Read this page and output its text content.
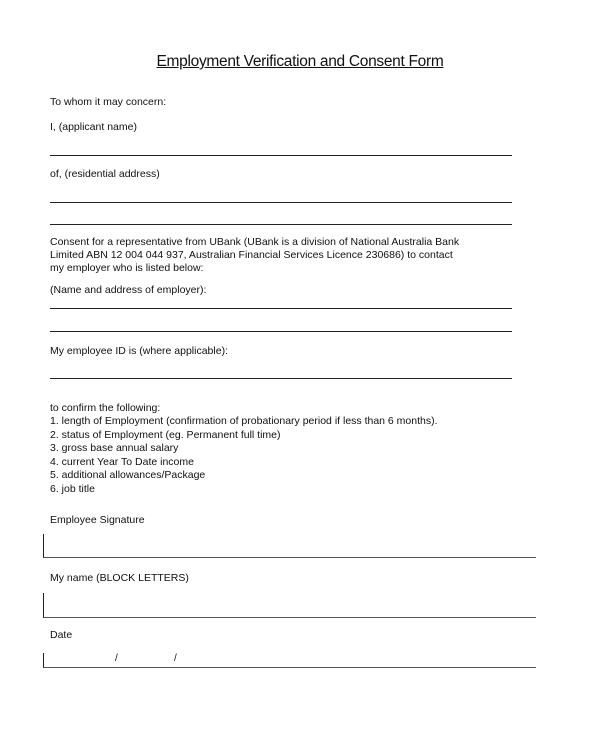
Employment Verification and Consent Form
To whom it may concern:
I, (applicant name)
of, (residential address)
Consent for a representative from UBank (UBank is a division of National Australia Bank
Limited ABN 12 004 044 937, Australian Financial Services Licence 230686) to contact
my employer who is listed below:
(Name and address of employer):
My employee ID is (where applicable):
to confirm the following:
1. length of Employment (confirmation of probationary period if less than 6 months).
2. status of Employment (eg. Permanent full time)
3. gross base annual salary
4. current Year To Date income
5. additional allowances/Package
6. job title
Employee Signature
My name (BLOCK LETTERS)
Date
/	/
